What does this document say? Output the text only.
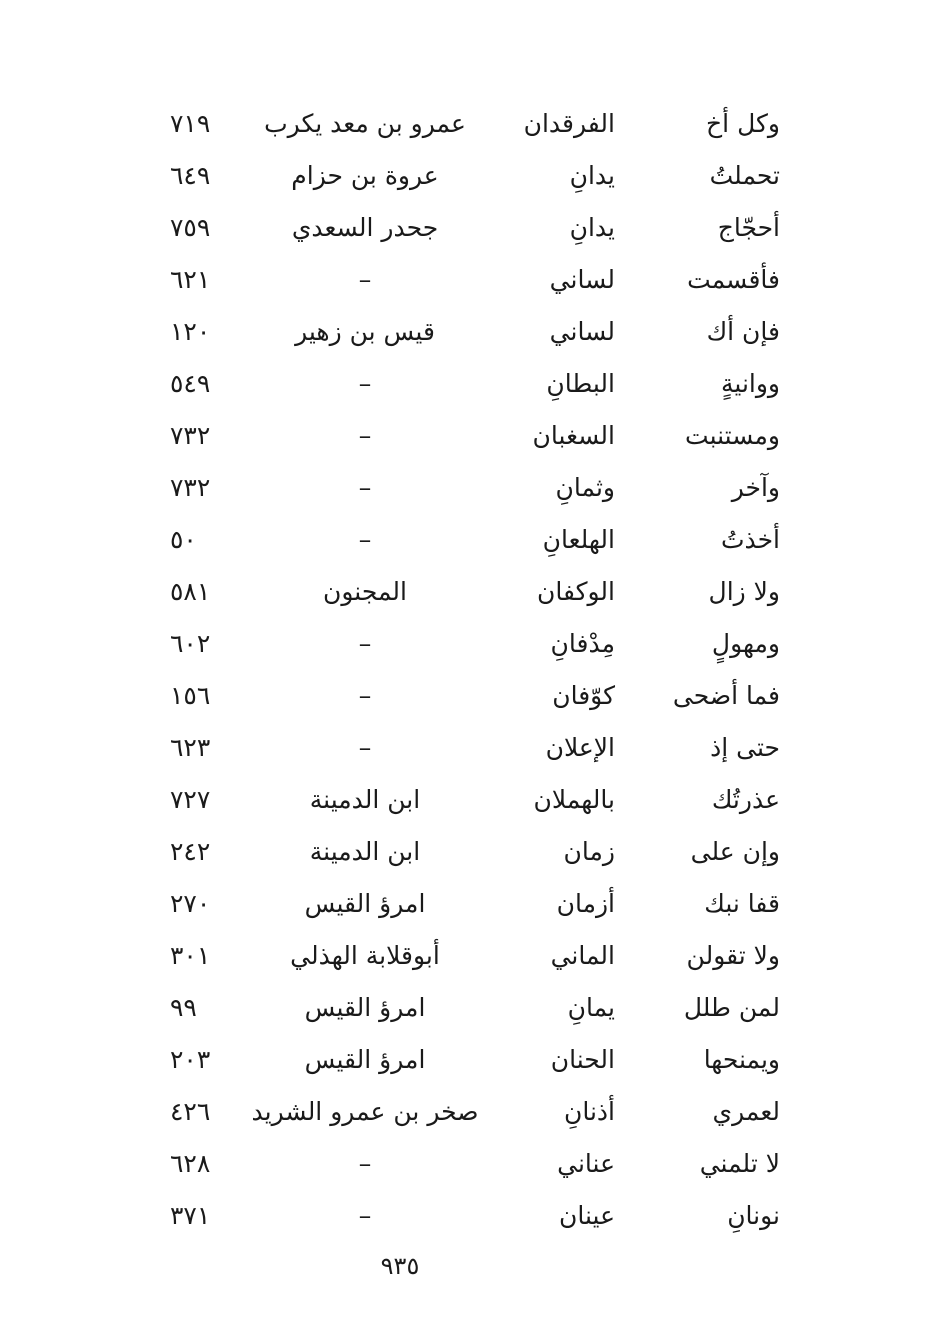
وكل أخ
الفرقدان
عمرو بن معد يكرب
٧١٩
تحملتُ
يدانِ
عروة بن حزام
٦٤٩
أحجّاج
يدانِ
جحدر السعدي
٧٥٩
فأقسمت
لساني
–
٦٢١
فإن أك
لساني
قيس بن زهير
١٢٠
ووانيةٍ
البطانِ
–
٥٤٩
ومستنبت
السغبان
–
٧٣٢
وآخر
وثمانِ
–
٧٣٢
أخذتُ
الهلعانِ
–
٥٠
ولا زال
الوكفان
المجنون
٥٨١
ومهولٍ
مِدْفانِ
–
٦٠٢
فما أضحى
كوّفان
–
١٥٦
حتى إذ
الإعلان
–
٦٢٣
عذرتُك
بالهملان
ابن الدمينة
٧٢٧
وإن على
زمان
ابن الدمينة
٢٤٢
قفا نبك
أزمان
امرؤ القيس
٢٧٠
ولا تقولن
الماني
أبوقلابة الهذلي
٣٠١
لمن طلل
يمانِ
امرؤ القيس
٩٩
ويمنحها
الحنان
امرؤ القيس
٢٠٣
لعمري
أذنانِ
صخر بن عمرو الشريد
٤٢٦
لا تلمني
عناني
–
٦٢٨
نونانِ
عينان
–
٣٧١
٩٣٥
